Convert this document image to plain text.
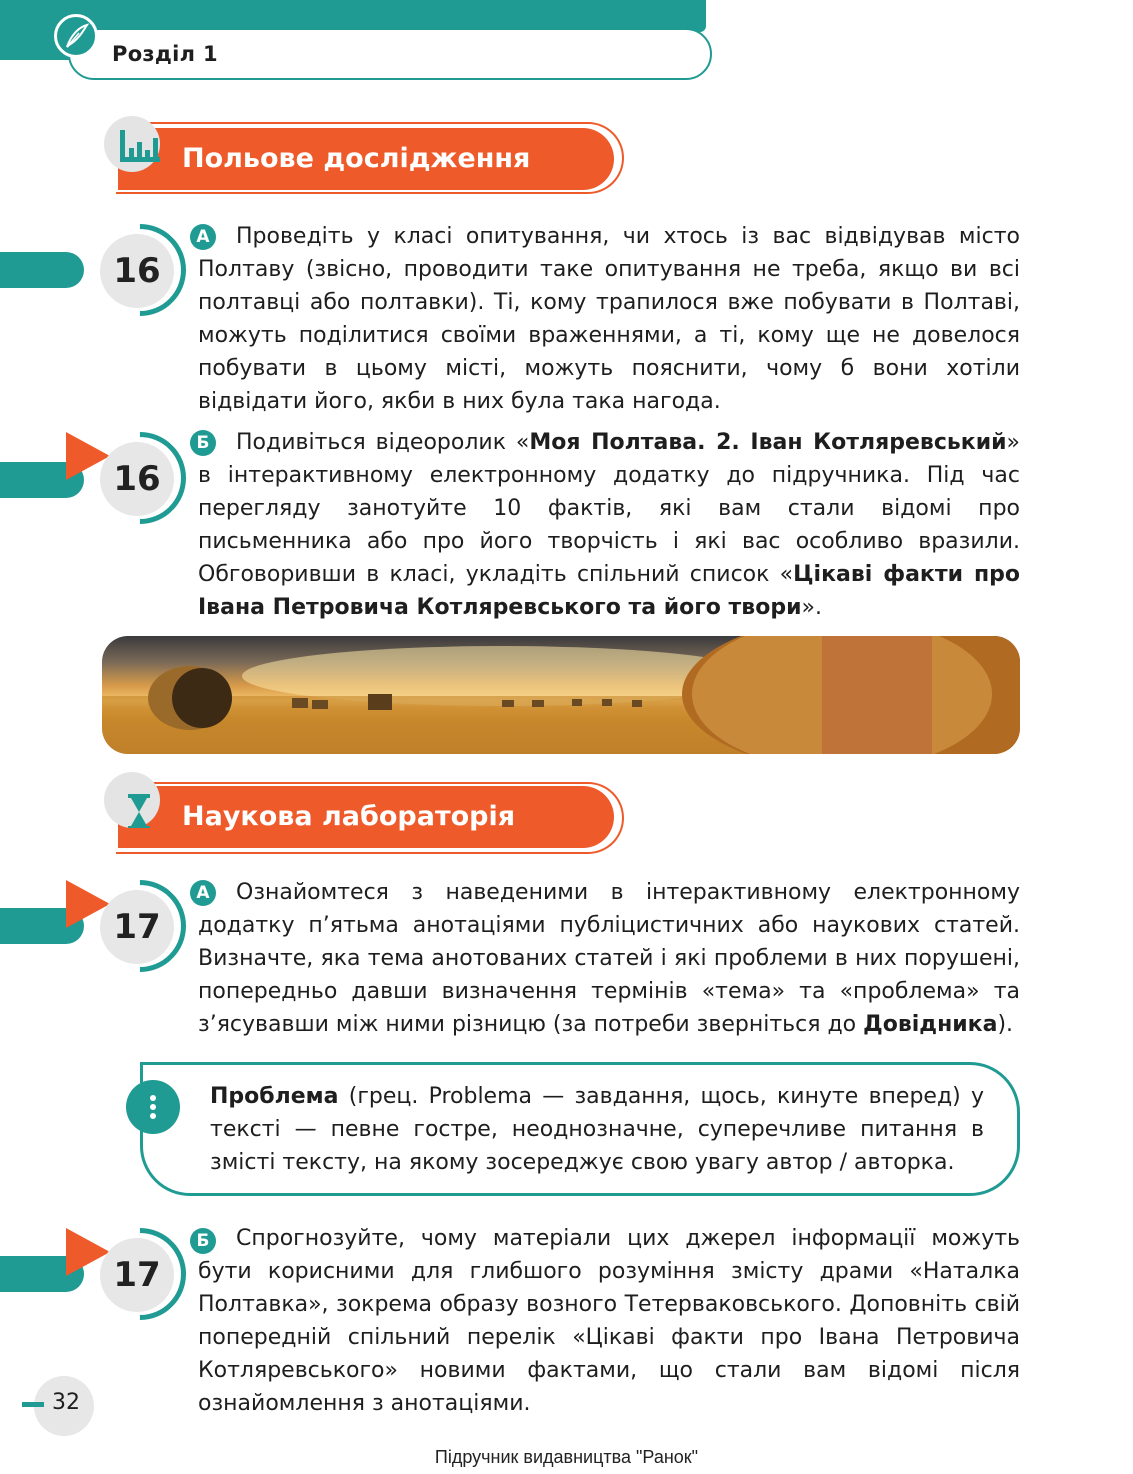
Розділ 1
Польове дослідження
16
А	Проведіть у класі опитування, чи хтось із вас відвідував місто Полтаву (звісно, проводити таке опитування не треба, якщо ви всі полтавці або полтавки). Ті, кому трапилося вже побувати в Полтаві, можуть поділитися своїми враженнями, а ті, кому ще не довелося побувати в цьому місті, можуть пояснити, чому б вони хотіли відвідати його, якби в них була така нагода.
16
Б	Подивіться відеоролик «Моя Полтава. 2. Іван Котляревський» в інтерактивному електронному додатку до підручника. Під час перегляду занотуйте 10 фактів, які вам стали відомі про письменника або про його творчість і які вас особливо вразили. Обговоривши в класі, укладіть спільний список «Цікаві факти про Івана Петровича Котляревського та його твори».
Наукова лабораторія
17
А	Ознайомтеся з наведеними в інтерактивному електронному додатку п’ятьма анотаціями публіцистичних або наукових статей. Визначте, яка тема анотованих статей і які проблеми в них порушені, попередньо давши визначення термінів «тема» та «проблема» та з’ясувавши між ними різницю (за потреби зверніться до Довідника).
Проблема (грец. Problema — завдання, щось, кинуте вперед) у тексті — певне гостре, неоднозначне, суперечливе питання в змісті тексту, на якому зосереджує свою увагу автор / авторка.
17
Б	Спрогнозуйте, чому матеріали цих джерел інформації можуть бути корисними для глибшого розуміння змісту драми «Наталка Полтавка», зокрема образу возного Тетерваковського. Доповніть свій попередній спільний перелік «Цікаві факти про Івана Петровича Котляревського» новими фактами, що стали вам відомі після ознайомлення з анотаціями.
32
Підручник видавництва "Ранок"
